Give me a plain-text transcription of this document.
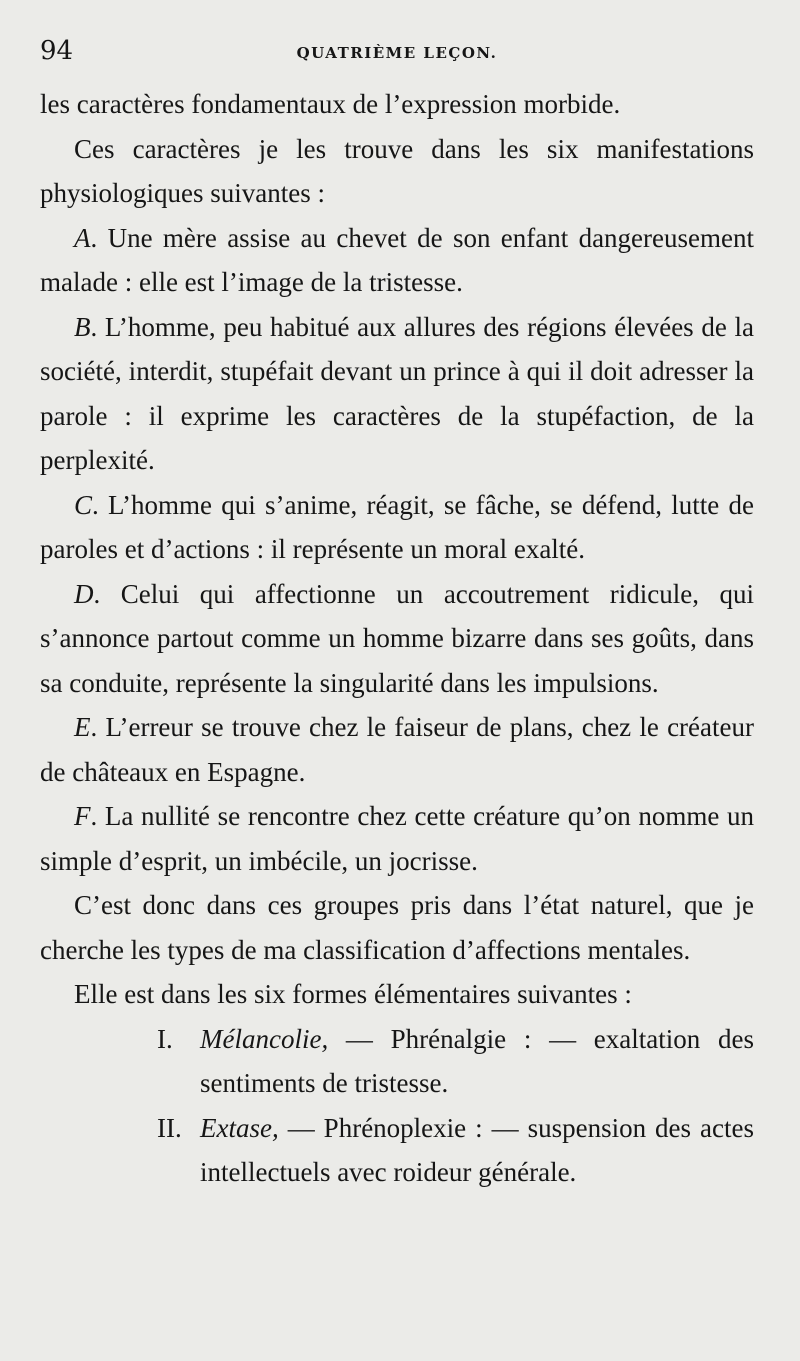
94	QUATRIÈME LEÇON.

les caractères fondamentaux de l’expression morbide.

Ces caractères je les trouve dans les six manifestations physiologiques suivantes :

A. Une mère assise au chevet de son enfant dangereusement malade : elle est l’image de la tristesse.

B. L’homme, peu habitué aux allures des régions élevées de la société, interdit, stupéfait devant un prince à qui il doit adresser la parole : il exprime les caractères de la stupéfaction, de la perplexité.

C. L’homme qui s’anime, réagit, se fâche, se défend, lutte de paroles et d’actions : il représente un moral exalté.

D. Celui qui affectionne un accoutrement ridicule, qui s’annonce partout comme un homme bizarre dans ses goûts, dans sa conduite, représente la singularité dans les impulsions.

E. L’erreur se trouve chez le faiseur de plans, chez le créateur de châteaux en Espagne.

F. La nullité se rencontre chez cette créature qu’on nomme un simple d’esprit, un imbécile, un jocrisse.

C’est donc dans ces groupes pris dans l’état naturel, que je cherche les types de ma classification d’affections mentales.

Elle est dans les six formes élémentaires suivantes :

I. Mélancolie, — Phrénalgie : — exaltation des sentiments de tristesse.

II. Extase, — Phrénoplexie : — suspension des actes intellectuels avec roideur générale.
